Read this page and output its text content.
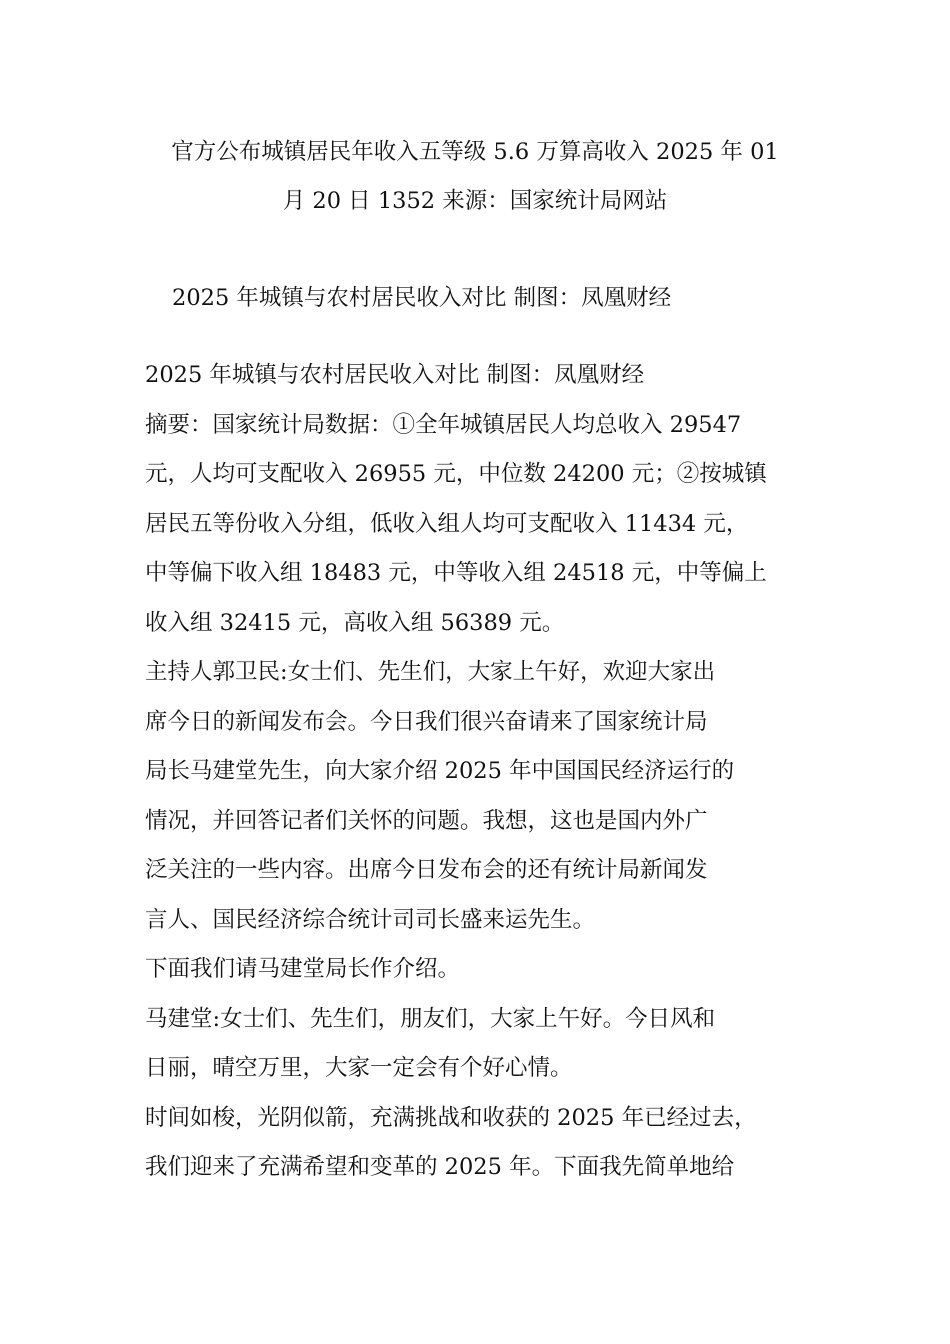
官方公布城镇居民年收入五等级 5.6 万算高收入 2025 年 01
月 20 日 1352 来源：国家统计局网站

2025 年城镇与农村居民收入对比 制图：凤凰财经

2025 年城镇与农村居民收入对比 制图：凤凰财经
摘要：国家统计局数据：①全年城镇居民人均总收入 29547
元，人均可支配收入 26955 元，中位数 24200 元；②按城镇
居民五等份收入分组，低收入组人均可支配收入 11434 元，
中等偏下收入组 18483 元，中等收入组 24518 元，中等偏上
收入组 32415 元，高收入组 56389 元。
主持人郭卫民:女士们、先生们，大家上午好，欢迎大家出
席今日的新闻发布会。今日我们很兴奋请来了国家统计局
局长马建堂先生，向大家介绍 2025 年中国国民经济运行的
情况，并回答记者们关怀的问题。我想，这也是国内外广
泛关注的一些内容。出席今日发布会的还有统计局新闻发
言人、国民经济综合统计司司长盛来运先生。
下面我们请马建堂局长作介绍。
马建堂:女士们、先生们，朋友们，大家上午好。今日风和
日丽，晴空万里，大家一定会有个好心情。
时间如梭，光阴似箭，充满挑战和收获的 2025 年已经过去，
我们迎来了充满希望和变革的 2025 年。下面我先简单地给
